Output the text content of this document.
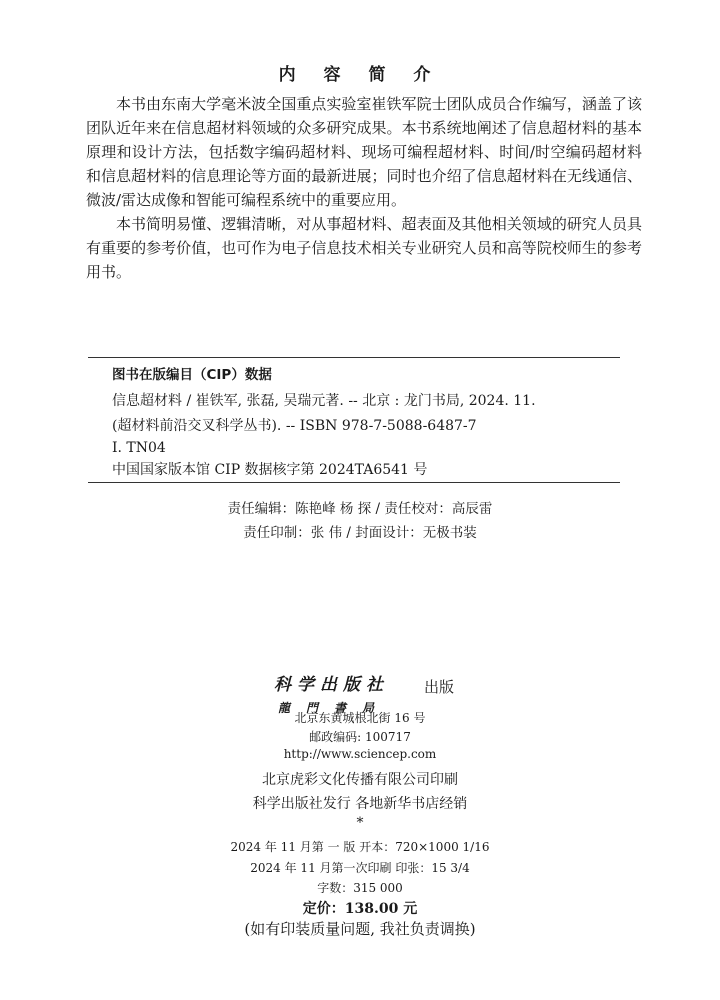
内 容 简 介

本书由东南大学毫米波全国重点实验室崔铁军院士团队成员合作编写，涵盖了该团队近年来在信息超材料领域的众多研究成果。本书系统地阐述了信息超材料的基本原理和设计方法，包括数字编码超材料、现场可编程超材料、时间/时空编码超材料和信息超材料的信息理论等方面的最新进展；同时也介绍了信息超材料在无线通信、微波/雷达成像和智能可编程系统中的重要应用。

本书简明易懂、逻辑清晰，对从事超材料、超表面及其他相关领域的研究人员具有重要的参考价值，也可作为电子信息技术相关专业研究人员和高等院校师生的参考用书。

图书在版编目（CIP）数据
信息超材料 / 崔铁军, 张磊, 吴瑞元著. -- 北京 : 龙门书局, 2024. 11.
(超材料前沿交叉科学丛书). -- ISBN 978-7-5088-6487-7
Ⅰ. TN04
中国国家版本馆 CIP 数据核字第 2024TA6541 号
责任编辑：陈艳峰 杨 探 / 责任校对：高辰雷
责任印制：张 伟 / 封面设计：无极书装
科学出版社
龍門書局
出版
北京东黄城根北街 16 号
邮政编码: 100717
http://www.sciencep.com
北京虎彩文化传播有限公司印刷
科学出版社发行 各地新华书店经销
*
2024 年 11 月第 一 版 开本：720×1000 1/16
2024 年 11 月第一次印刷 印张：15 3/4
字数：315 000
定价：138.00 元
(如有印装质量问题, 我社负责调换)
